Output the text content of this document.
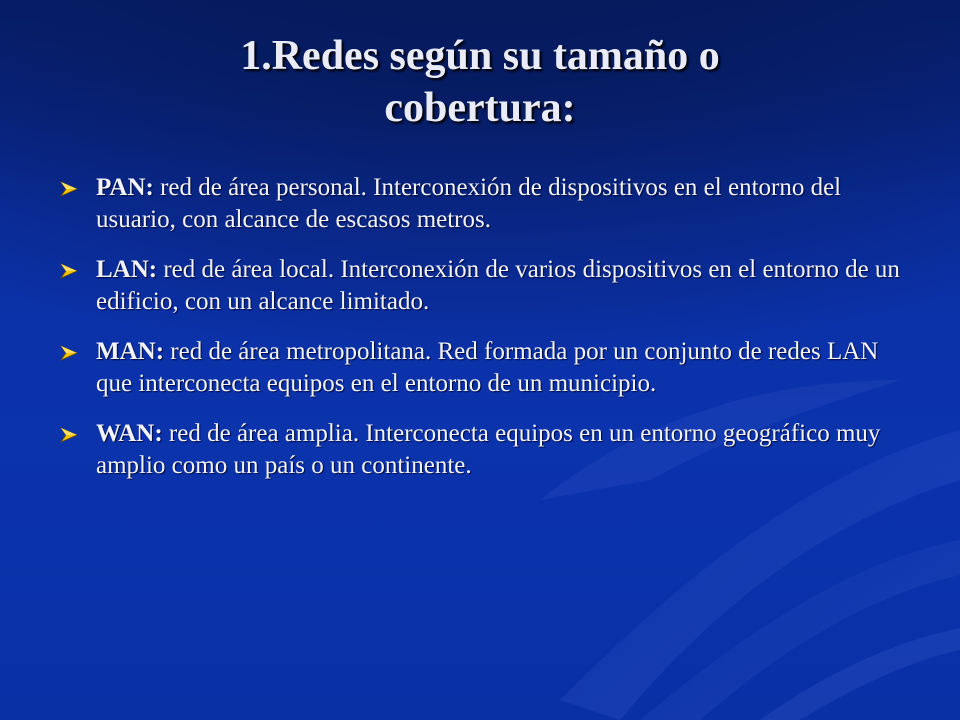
1.Redes según su tamaño o
cobertura:
PAN: red de área personal. Interconexión de dispositivos en el entorno del usuario, con alcance de escasos metros.
LAN: red de área local. Interconexión de varios dispositivos en el entorno de un edificio, con un alcance limitado.
MAN: red de área metropolitana. Red formada por un conjunto de redes LAN que interconecta equipos en el entorno de un municipio.
WAN: red de área amplia. Interconecta equipos en un entorno geográfico muy amplio como un país o un continente.
